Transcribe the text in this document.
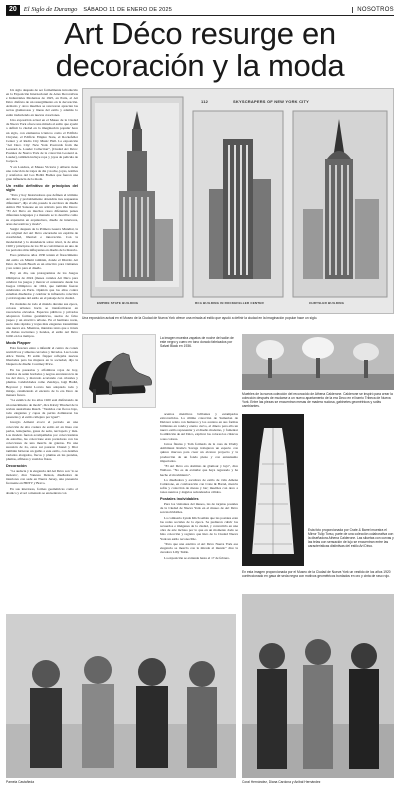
20	El Siglo de Durango SÁBADO 11 DE ENERO DE 2025	NOSOTROS
Art Déco resurge en
decoración y la moda

Un siglo después de ser formalmente introducido en la Exposición Internacional de Artes Decorativas e Industriales Modernas de 1925, en París, el Art Déco disfruta de un resurgimiento en la decoración. Armario y otros muebles se renovaron aprecian las rectas glamurosas y lineas del estilo y además lo están traduciendo en nuevas creaciones.

Una exposición actual en el Museo de la Ciudad de Nueva York ofrece una mirada al estilo que ayudó a definir la ciudad en la imaginación popular hace un siglo, con elementos icónicos como el Edificio Chrysler, el Edificio Empire State, el Rockefeller Center y el Radio City Music Hall. La exposición “Art Deco City: New York Postcards from the Leonard A. Lauder Collection”, (Ciudad Art Déco: Postales de Nueva York de la colección Leonard A. Lauder), también incluye ropa y joyas de película de la época.

Y en Londres, el Museo Victoria y Alberto tiene una colección de trajes de día y noche, joyas, textiles y artefactos del Los Bobbi Bodies que fueron una gran influencia de la moda.

Un estilo definitivo de principios del siglo

“Para y hoy historiadores que definen el término Art Déco y probablemente obtendrás tres respuestas diferentes”, dijo el ahí, pasado la escritora de diseño Amica Ehl Sansone en un artículo para Ole Decor. “El Art Déco en muchos casos diferentes países diferentes lenguajes y a menudo se lo describe como su expansión en arquitectura, diseño de interiores, artes decorativas y moda”.

Surgió después de la Primera Guerra Mundial, la era original del Art Déco encarnaba un espíritu de creatividad, libertad e innovación. Con la modernidad y la abundancia sobre nivel, la de años 1920 y principios de los 30 se convirtieron en uno de los periodos más influyentes en diseño de la historia.

Esos primeros años 1930 tenían el florecimiento del estilo en Miami también, donde el Distrito Art Déco de South Beach es un atractivo para visitantes y un centro para el diseño.

Hoy en día, sus protagonistas de los Juegos Olímpicos de 2024 (mases carteles Art Déco para celebrar los juegos y marcar el centenario desde los Juegos Olímpicos de 1924, que también fueron celebrados en París. Opinión que los años contra estudian diseñados y celebrar la influencia colectiva y extravagante del estilo en el paisaje de la ciudad.

En ciudades de todo el mundo durante sus época, colosas urbanos hacia se transformaron en rascacielos elevados. Espacios públicos y privados adoptaron formas geométricas, suelos de falso jaspeo y un atractivo urbano. En el hermano norte, sucio más rápidos y trajes más elegantes transmitían una nueva era. Mientras, mientras tanto que a través de clubes nocturnos y hoteles, el estilo Art Déco brilló en los tiempos.

Moda Flapper

Esta frescura entre a infundir el centro de corsés restrictivos y siluetas cercados y llevados. Las Looks Alice Ventre, El estilo flapper reflejaba nuevas libertades para las mujeres en la sociedad, dijo la bisquera de diseño Courtney Price.

En las pasarelas y alfombras rojas de hoy, vestidos de satén bordados y negros encantaron la de los del cinco, y marcado acortando con cristales y plumas. Celebridades como Zendaya, Gigi Hadid, Beyoncé y Demi Lovato han adoptado todo y miraje, canalizando el encanto de la era Deco de manera fresca.

“La estética de los años 1920 está disfrutando de un renacimiento de moda”, dice Kirsty Tiluckel de la revista australiana Rusch. “Vestidos con flecos bajo, todo elegantes y capas de perlas dominaron las pasarelas y el estilo callejero por igual”.

Giorgio Armani evocó el periodo en una colección de alta costura de estilo art en línea con perlas, lentejuelas, gasas de seda, terciopelo y más. Las modelo fueron acompañadas por coleccionistas de estrellas, las coleccione eran portadoras con las colecciones de una mezcla de galeras. En una sucesión de 2a, estos así pasaron Chanel y Dior también hicieron un guiño a este estilo, con detalles variados alargados, flecos y plumas en las prendas, plumas, alfileres y vestidos flotes.

Decoración

“La audacia y la elegancia del Art Déco son ‘lo se molesta’, dice Vanessa Deleon, diseñadora de interiores con sede en Nueva Jersey, una presencia frecuente en HDTV y Bravo.

En sus interiores, formas geométricas como el abanico y el sol a menudo se encuentran con

112	SKYSCRAPERS OF NEW YORK CITY
EMPIRE STATE BUILDING	RCA BUILDING IN ROCKEFELLER CENTER	CHRYSLER BUILDING
Una exposición actual en el Museo de la Ciudad de Nueva York ofrece una mirada al estilo que ayudó a definir la ciudad en la imaginación popular hace un siglo.
La imagen muestra zapatos de noche del salón de este negro y cuero en tono dorado fabricados por Salvat Black en 1936.
Muebles de la nueva colección del reconocido de Athena Calderone. Calderone se inspiró para crear la colección después de mudarse a un nuevo apartamento de la era Deco en el barrio Tribeca de Nueva York. Entre las piezas se encuentran mesas de madera nudosa, gabinetes geométricos y sofás cambiantes.

acentos metálicos brillantes y estampados extrovertidos. La última colección de Sumerian de Dulaver relata con humeros y los acentos en sus formas brillantes en ronda y eterno curvo, el dinero para ella un nuevo estilo representar y el diseño moderno, y fomentar la ambición de Art Déco, explicar los colores los clásicos a sus colores.

Jarros flautas y Tom formado de la casa de Ubelty Ambitieux Rome's Savage trabajaron un espacio con quince mucosa para crear un alcance proyecto y la producción de un fondo pleno y con entusiasmo impactados.

“El Art Déco era dominio de glamour y lujo”, dice Wallace. “No es de extrañar que haya regresado y ha hecho el movimiento”.

La diseñadora y escultora de estilo de vida Athena Calderone, en colaboración con Crate & Barrel, mezcla sofás y colección de mesas y bar; muebles con deco a tonos neutros y ángulos redondeados cálidos.

Postales inolvidables

Para los visitantes del museo, las de tarjetas postales de la Ciudad de Nueva York en el museo de Art Déco son inolvidables.

La comisaria Lynda Klich señala que las postales eran las redes sociales de la época. Se pudieron cubrir los recuerdos e imágenes de la ciudad, y convertirla en una obra de arte incluso por lo que en un momento dado se hizo colección y registro que hizo de la Ciudad Nueva York un estilo reconocible.

“Para que una estética al Art Déco Nueva York esa elegancia se mezcla con la mirada al mundo” dice la curadora Lilly Tuttle.

La exposición se extiende hasta el 17 de febrero.

Esta foto proporcionada por Crate & Barrel muestra el Mirror Tulip Torso, parte de una colección colaborativa con la diseñadora Athena Calderone. Las siluetas con curvas y las telas con sensación de lujo se encuentran entre las características distintivas del estilo Art Déco.
En esta imagen proporcionada por el Museo de la Ciudad de Nueva York un vestido de los años 1920 confeccionado en gasa de seda negra con motivos geométricos bordados en oro y cinta de raso rojo.
Pamela Castañeda	Coral Hernández, Diana Cardona y Anibal Hernández
